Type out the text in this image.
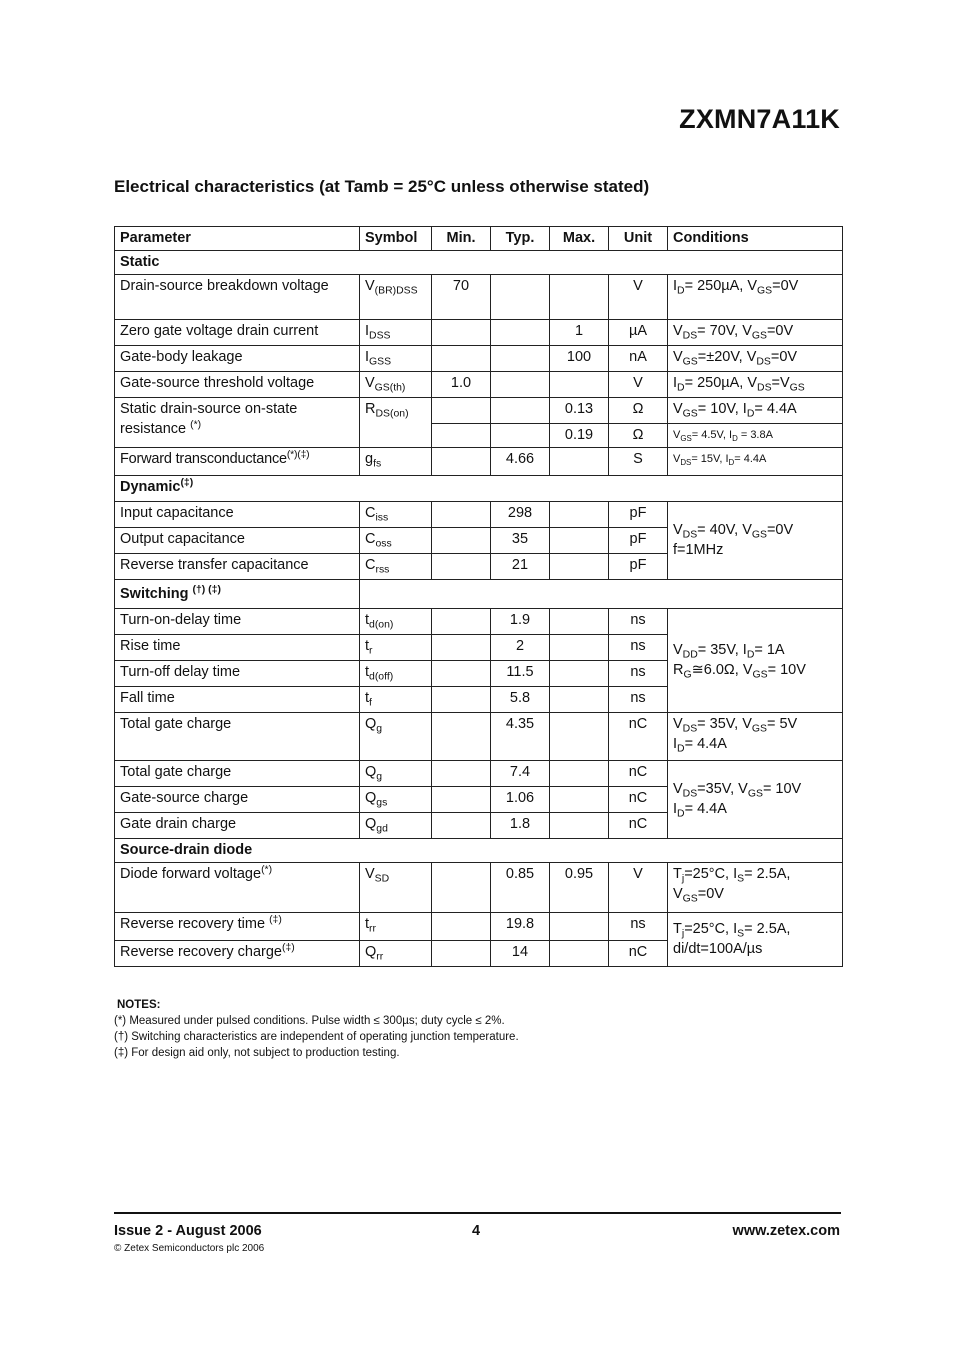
ZXMN7A11K
Electrical characteristics (at Tamb = 25°C unless otherwise stated)
Parameter	Symbol	Min.	Typ.	Max.	Unit	Conditions
Static						
Drain-source breakdown voltage	$V_{(BR)DSS}$	70			V	$I_D= 250\mu A$, $V_{GS}=0V$
Zero gate voltage drain current	$I_{DSS}$			1	µA	$V_{DS}= 70V$, $V_{GS}=0V$
Gate-body leakage	$I_{GSS}$			100	nA	$V_{GS}=\pm 20V$, $V_{DS}=0V$
Gate-source threshold voltage	$V_{GS(th)}$	1.0			V	$I_D= 250\mu A$, $V_{DS}=V_{GS}$
Static drain-source on-state resistance (*)	$R_{DS(on)}$			0.13	Ω	$V_{GS}= 10V$, $I_D= 4.4A$
				0.19	Ω	$V_{GS}= 4.5V$, $I_D = 3.8A$
Forward transconductance(*)(‡)	$g_{fs}$		4.66		S	$V_{DS}= 15V$, $I_D= 4.4A$
Dynamic(‡)
Input capacitance	$C_{iss}$		298		pF	$V_{DS}= 40V$, $V_{GS}=0V$
f=1MHz
Output capacitance	$C_{oss}$		35		pF	
Reverse transfer capacitance	$C_{rss}$		21		pF	
Switching (†) (‡)	
Turn-on-delay time	$t_{d(on)}$		1.9		ns	$V_{DD}= 35V$, $I_D= 1A$
$R_G≅6.0\Omega$, $V_{GS}= 10V$
Rise time	$t_r$		2		ns	
Turn-off delay time	$t_{d(off)}$		11.5		ns	
Fall time	$t_f$		5.8		ns	
Total gate charge	$Q_g$		4.35		nC	$V_{DS}= 35V$, $V_{GS}= 5V$
$I_D= 4.4A$
Total gate charge	$Q_g$		7.4		nC	$V_{DS}=35V$, $V_{GS}= 10V$
$I_D= 4.4A$
Gate-source charge	$Q_{gs}$		1.06		nC	
Gate drain charge	$Q_{gd}$		1.8		nC	
Source-drain diode						
Diode forward voltage(*)	$V_{SD}$		0.85	0.95	V	$T_j=25^\circ C$, $I_S= 2.5A$,
$V_{GS}=0V$
Reverse recovery time (‡)	$t_{rr}$		19.8		ns	$T_j=25^\circ C$, $I_S= 2.5A$,
di/dt=100A/µs
Reverse recovery charge(‡)	$Q_{rr}$		14		nC	
NOTES:
(*) Measured under pulsed conditions. Pulse width ≤ 300µs; duty cycle ≤ 2%.
(†) Switching characteristics are independent of operating junction temperature.
(‡) For design aid only, not subject to production testing.
Issue 2 - August 2006	4	www.zetex.com
© Zetex Semiconductors plc 2006
